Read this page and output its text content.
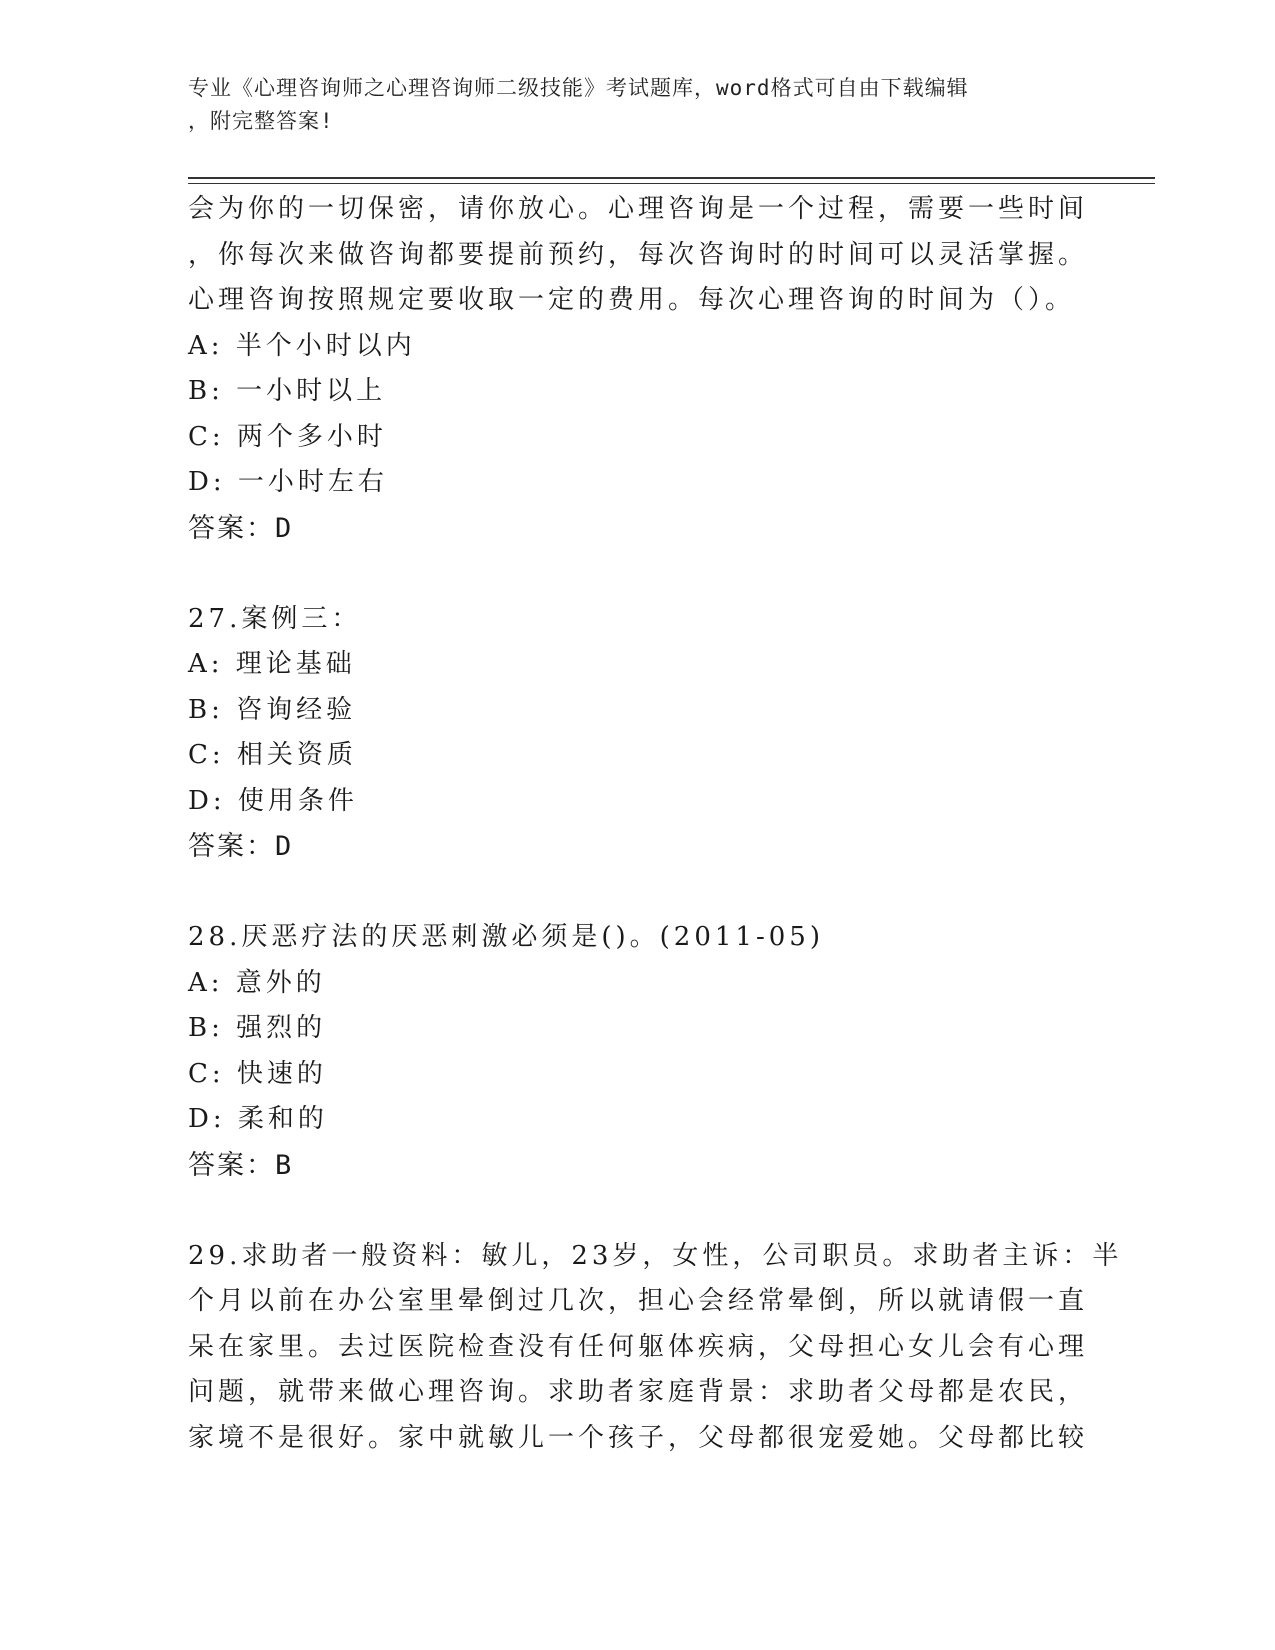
专业《心理咨询师之心理咨询师二级技能》考试题库，word格式可自由下载编辑
，附完整答案!
会为你的一切保密，请你放心。心理咨询是一个过程，需要一些时间
，你每次来做咨询都要提前预约，每次咨询时的时间可以灵活掌握。
心理咨询按照规定要收取一定的费用。每次心理咨询的时间为（）。
A: 半个小时以内
B: 一小时以上
C: 两个多小时
D: 一小时左右
答案：D
27.案例三：
A: 理论基础
B: 咨询经验
C: 相关资质
D: 使用条件
答案：D
28.厌恶疗法的厌恶刺激必须是()。(2011-05)
A: 意外的
B: 强烈的
C: 快速的
D: 柔和的
答案：B
29.求助者一般资料：敏儿，23岁，女性，公司职员。求助者主诉：半
个月以前在办公室里晕倒过几次，担心会经常晕倒，所以就请假一直
呆在家里。去过医院检查没有任何躯体疾病，父母担心女儿会有心理
问题，就带来做心理咨询。求助者家庭背景：求助者父母都是农民，
家境不是很好。家中就敏儿一个孩子，父母都很宠爱她。父母都比较
